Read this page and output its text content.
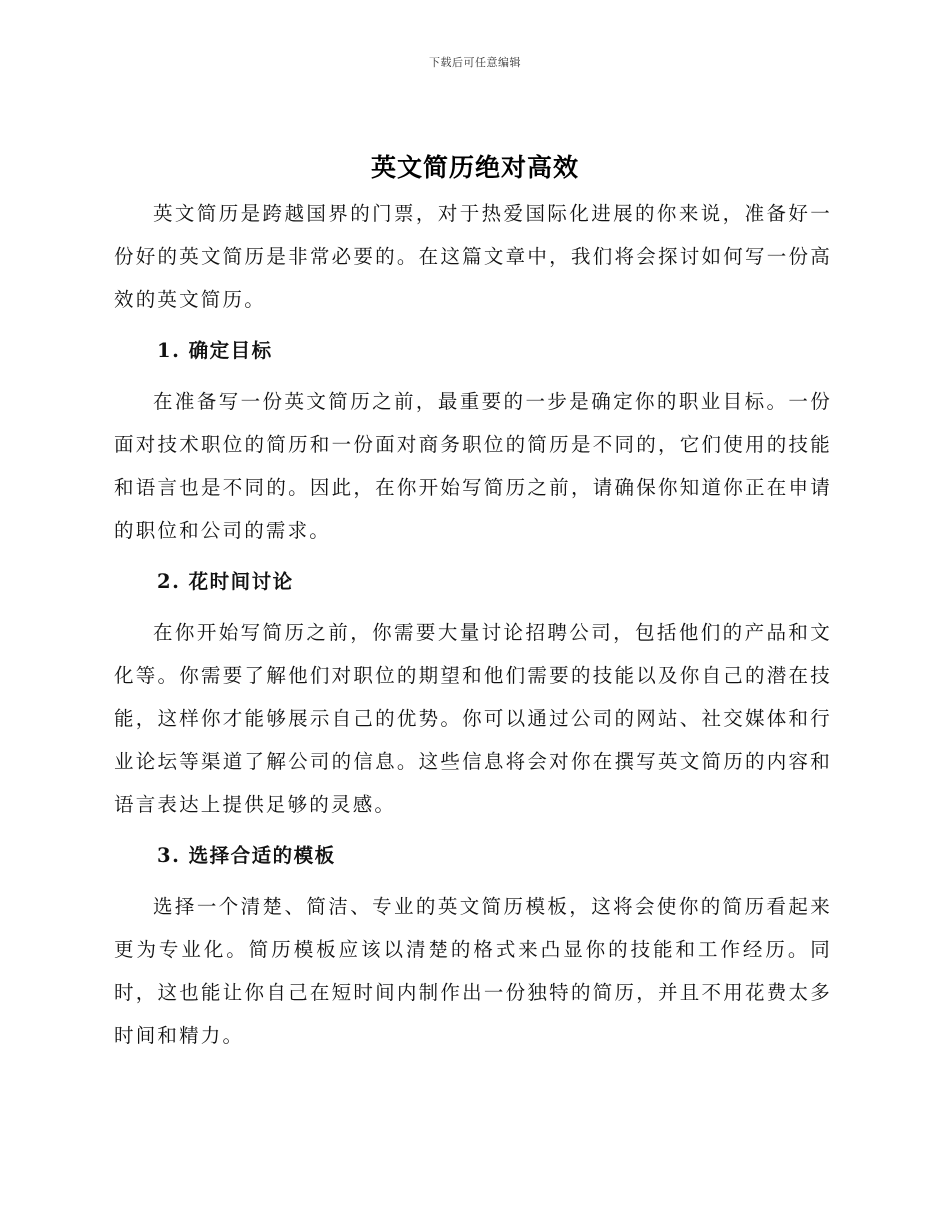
下载后可任意编辑
英文简历绝对高效

英文简历是跨越国界的门票，对于热爱国际化进展的你来说，准备好一份好的英文简历是非常必要的。在这篇文章中，我们将会探讨如何写一份高效的英文简历。

1. 确定目标

在准备写一份英文简历之前，最重要的一步是确定你的职业目标。一份面对技术职位的简历和一份面对商务职位的简历是不同的，它们使用的技能和语言也是不同的。因此，在你开始写简历之前，请确保你知道你正在申请的职位和公司的需求。

2. 花时间讨论

在你开始写简历之前，你需要大量讨论招聘公司，包括他们的产品和文化等。你需要了解他们对职位的期望和他们需要的技能以及你自己的潜在技能，这样你才能够展示自己的优势。你可以通过公司的网站、社交媒体和行业论坛等渠道了解公司的信息。这些信息将会对你在撰写英文简历的内容和语言表达上提供足够的灵感。

3. 选择合适的模板

选择一个清楚、简洁、专业的英文简历模板，这将会使你的简历看起来更为专业化。简历模板应该以清楚的格式来凸显你的技能和工作经历。同时，这也能让你自己在短时间内制作出一份独特的简历，并且不用花费太多时间和精力。
